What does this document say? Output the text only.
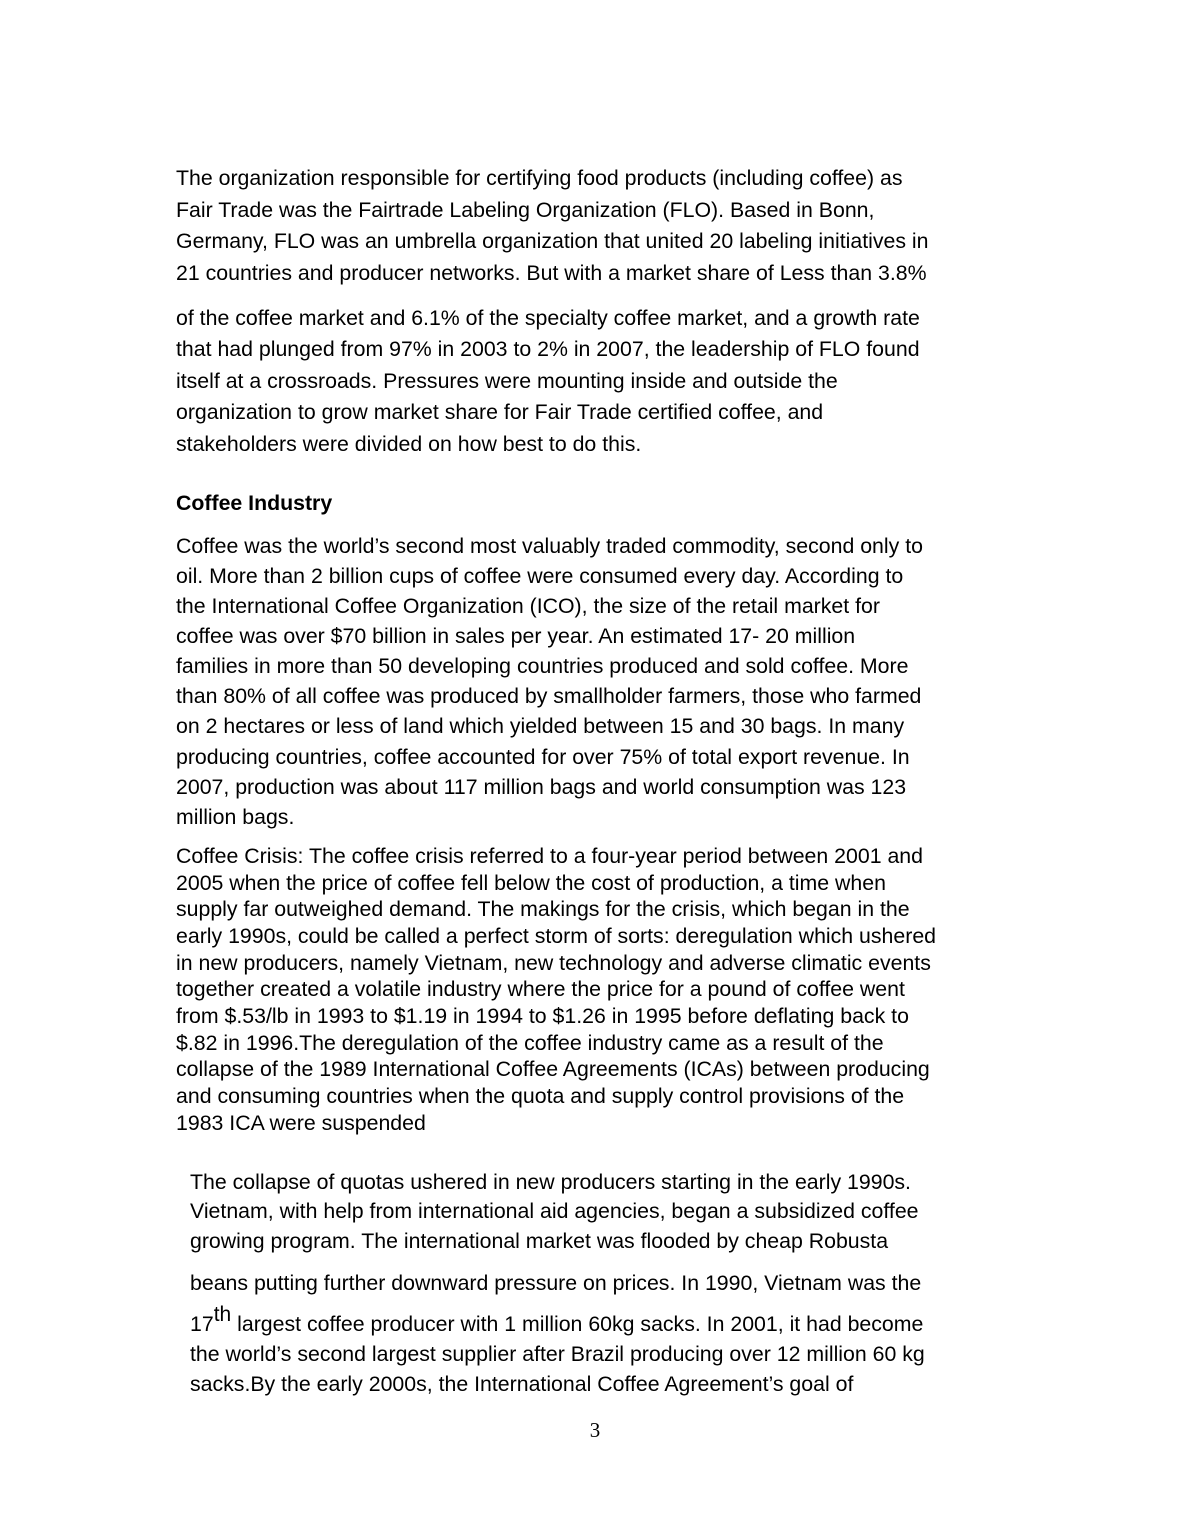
The organization responsible for certifying food products (including coffee) as
Fair Trade was the Fairtrade Labeling Organization (FLO). Based in Bonn,
Germany, FLO was an umbrella organization that united 20 labeling initiatives in
21 countries and producer networks. But with a market share of Less than 3.8%
of the coffee market and 6.1% of the specialty coffee market, and a growth rate
that had plunged from 97% in 2003 to 2% in 2007, the leadership of FLO found
itself at a crossroads. Pressures were mounting inside and outside the
organization to grow market share for Fair Trade certified coffee, and
stakeholders were divided on how best to do this.
Coffee Industry
Coffee was the world’s second most valuably traded commodity, second only to
oil. More than 2 billion cups of coffee were consumed every day. According to
the International Coffee Organization (ICO), the size of the retail market for
coffee was over $70 billion in sales per year. An estimated 17- 20 million
families in more than 50 developing countries produced and sold coffee. More
than 80% of all coffee was produced by smallholder farmers, those who farmed
on 2 hectares or less of land which yielded between 15 and 30 bags. In many
producing countries, coffee accounted for over 75% of total export revenue. In
2007, production was about 117 million bags and world consumption was 123
million bags.
Coffee Crisis: The coffee crisis referred to a four-year period between 2001 and
2005 when the price of coffee fell below the cost of production, a time when
supply far outweighed demand. The makings for the crisis, which began in the
early 1990s, could be called a perfect storm of sorts: deregulation which ushered
in new producers, namely Vietnam, new technology and adverse climatic events
together created a volatile industry where the price for a pound of coffee went
from $.53/lb in 1993 to $1.19 in 1994 to $1.26 in 1995 before deflating back to
$.82 in 1996.The deregulation of the coffee industry came as a result of the
collapse of the 1989 International Coffee Agreements (ICAs) between producing
and consuming countries when the quota and supply control provisions of the
1983 ICA were suspended
The collapse of quotas ushered in new producers starting in the early 1990s.
Vietnam, with help from international aid agencies, began a subsidized coffee
growing program. The international market was flooded by cheap Robusta
beans putting further downward pressure on prices. In 1990, Vietnam was the
17th largest coffee producer with 1 million 60kg sacks. In 2001, it had become
the world’s second largest supplier after Brazil producing over 12 million 60 kg
sacks.By the early 2000s, the International Coffee Agreement’s goal of
3
